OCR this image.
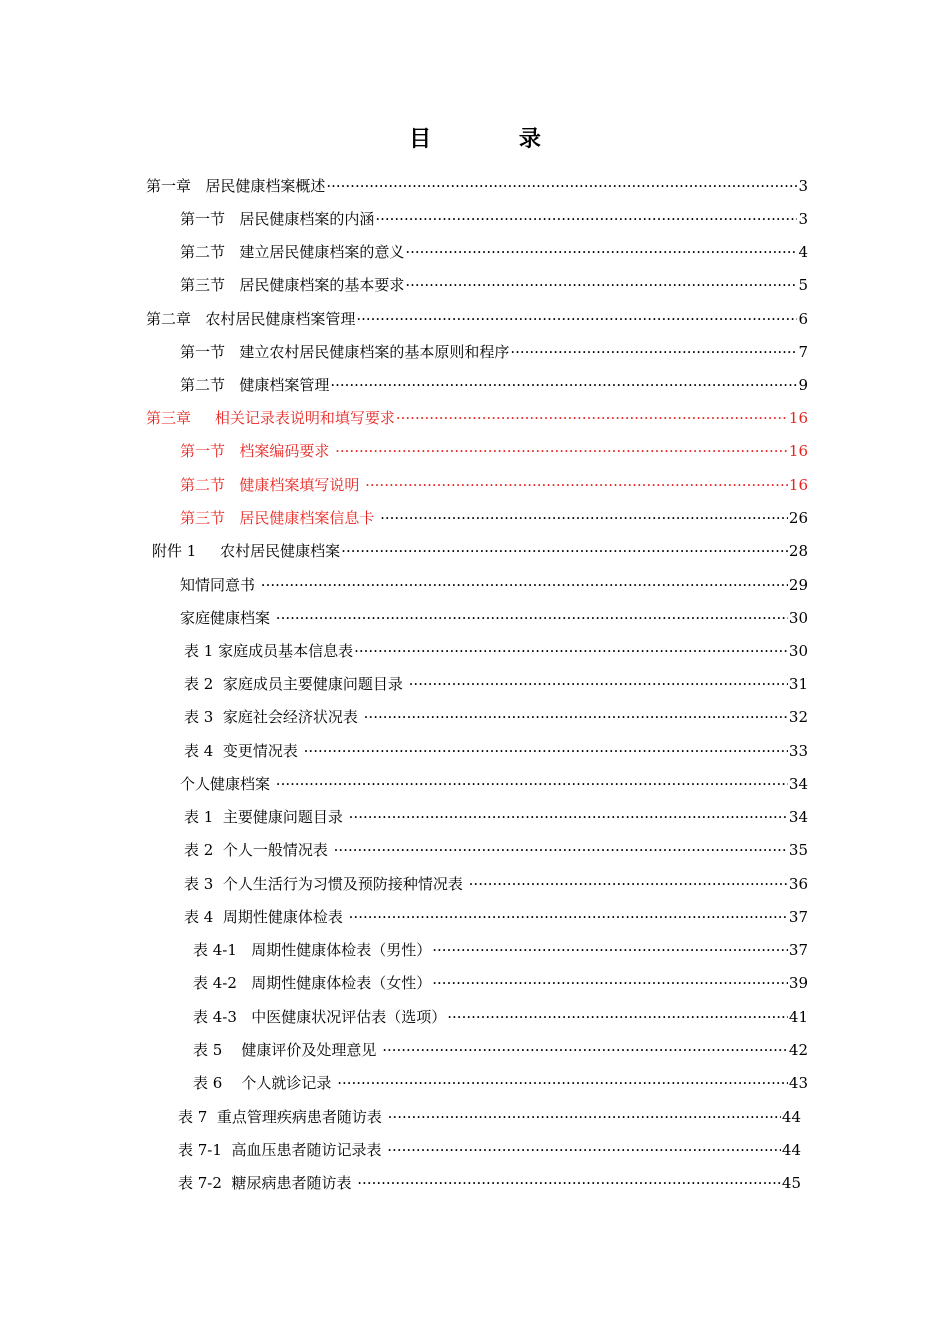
目 录
第一章 居民健康档案概述 ·····	3
第一节 居民健康档案的内涵 ·····	3
第二节 建立居民健康档案的意义 ·····	4
第三节 居民健康档案的基本要求 ·····	5
第二章 农村居民健康档案管理 ·····	6
第一节 建立农村居民健康档案的基本原则和程序 ·····	7
第二节 健康档案管理 ·····	9
第三章 相关记录表说明和填写要求 ·····	16
第一节 档案编码要求 ·····	16
第二节 健康档案填写说明 ·····	16
第三节 居民健康档案信息卡 ·····	26
附件 1 农村居民健康档案 ·····	28
知情同意书 ·····	29
家庭健康档案 ·····	30
表 1 家庭成员基本信息表 ·····	30
表 2 家庭成员主要健康问题目录 ·····	31
表 3 家庭社会经济状况表 ·····	32
表 4 变更情况表 ·····	33
个人健康档案 ·····	34
表 1 主要健康问题目录 ·····	34
表 2 个人一般情况表 ·····	35
表 3 个人生活行为习惯及预防接种情况表 ·····	36
表 4 周期性健康体检表 ·····	37
表 4-1 周期性健康体检表（男性） ·····	37
表 4-2 周期性健康体检表（女性） ·····	39
表 4-3 中医健康状况评估表（选项） ·····	41
表 5 健康评价及处理意见 ·····	42
表 6 个人就诊记录 ·····	43
表 7 重点管理疾病患者随访表 ·····	44
表 7-1 高血压患者随访记录表 ·····	44
表 7-2 糖尿病患者随访表 ·····	45
